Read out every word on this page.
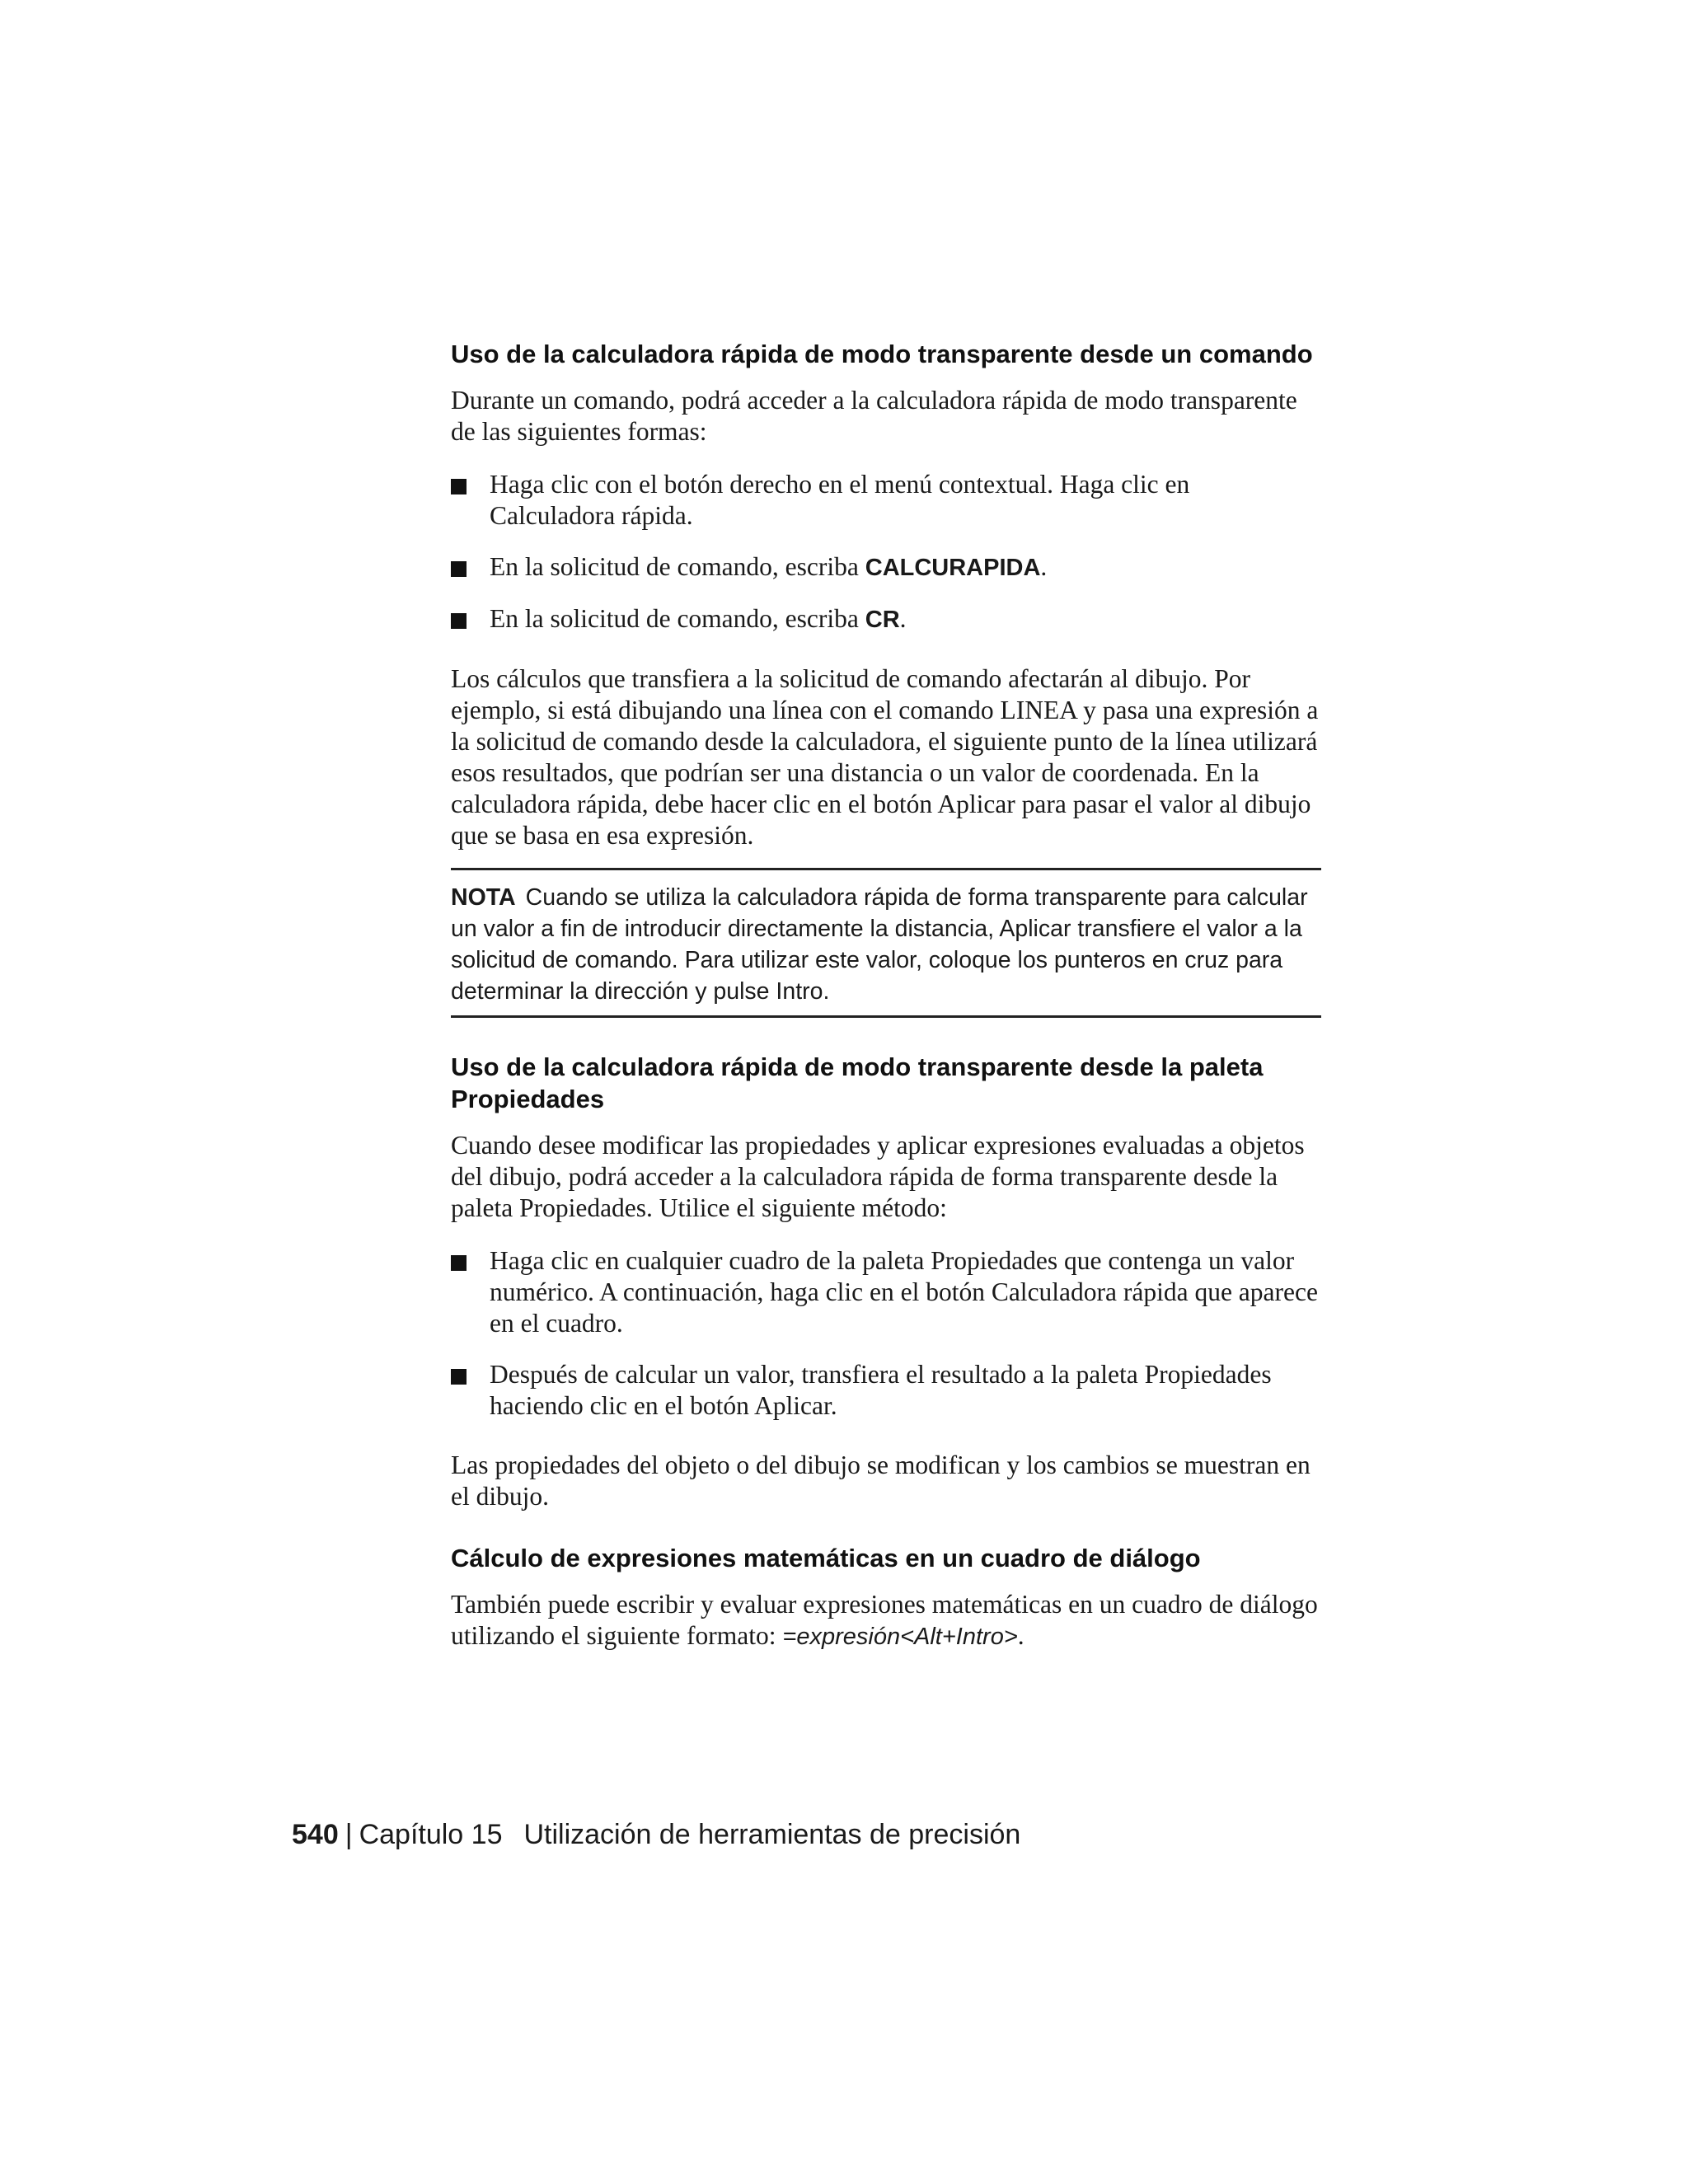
Uso de la calculadora rápida de modo transparente desde un comando

Durante un comando, podrá acceder a la calculadora rápida de modo transparente de las siguientes formas:

Haga clic con el botón derecho en el menú contextual. Haga clic en Calculadora rápida.
En la solicitud de comando, escriba CALCURAPIDA.
En la solicitud de comando, escriba CR.

Los cálculos que transfiera a la solicitud de comando afectarán al dibujo. Por ejemplo, si está dibujando una línea con el comando LINEA y pasa una expresión a la solicitud de comando desde la calculadora, el siguiente punto de la línea utilizará esos resultados, que podrían ser una distancia o un valor de coordenada. En la calculadora rápida, debe hacer clic en el botón Aplicar para pasar el valor al dibujo que se basa en esa expresión.

NOTA Cuando se utiliza la calculadora rápida de forma transparente para calcular un valor a fin de introducir directamente la distancia, Aplicar transfiere el valor a la solicitud de comando. Para utilizar este valor, coloque los punteros en cruz para determinar la dirección y pulse Intro.
Uso de la calculadora rápida de modo transparente desde la paleta Propiedades

Cuando desee modificar las propiedades y aplicar expresiones evaluadas a objetos del dibujo, podrá acceder a la calculadora rápida de forma transparente desde la paleta Propiedades. Utilice el siguiente método:

Haga clic en cualquier cuadro de la paleta Propiedades que contenga un valor numérico. A continuación, haga clic en el botón Calculadora rápida que aparece en el cuadro.
Después de calcular un valor, transfiera el resultado a la paleta Propiedades haciendo clic en el botón Aplicar.

Las propiedades del objeto o del dibujo se modifican y los cambios se muestran en el dibujo.

Cálculo de expresiones matemáticas en un cuadro de diálogo

También puede escribir y evaluar expresiones matemáticas en un cuadro de diálogo utilizando el siguiente formato: =expresión<Alt+Intro>.

540 | Capítulo 15 Utilización de herramientas de precisión
